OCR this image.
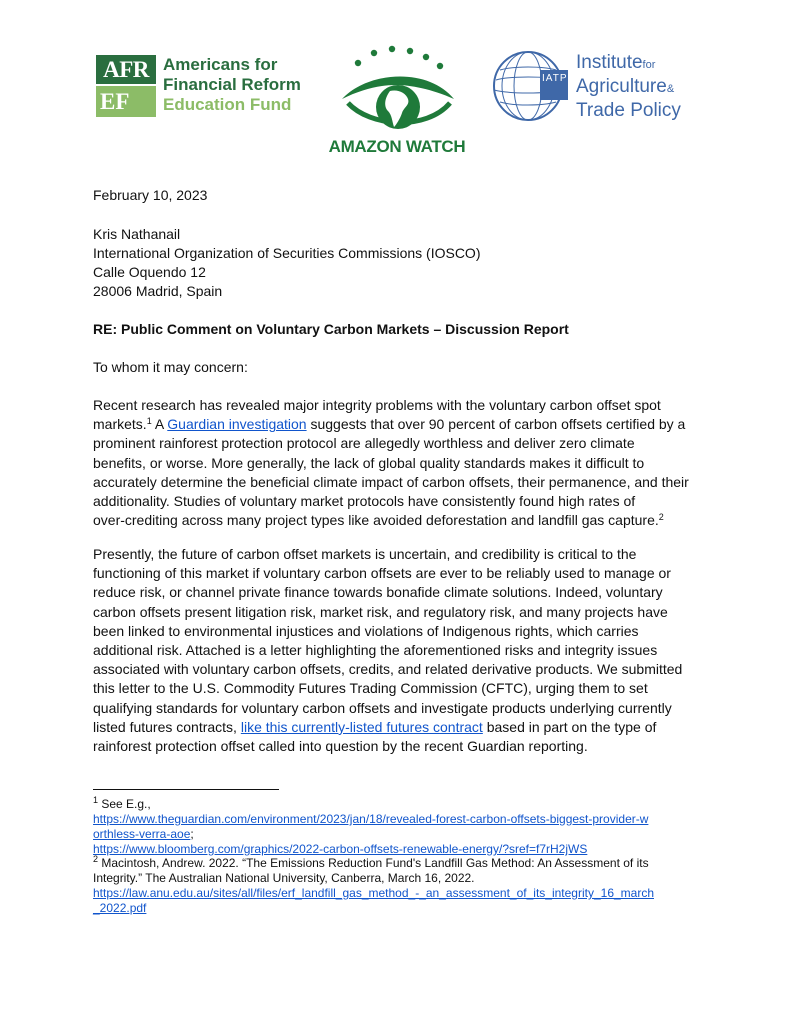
AFR
EF
Americans for
Financial Reform
Education Fund
AMAZON WATCH
IATP
Institutefor
Agriculture&
Trade Policy
February 10, 2023
Kris Nathanail
International Organization of Securities Commissions (IOSCO)
Calle Oquendo 12
28006 Madrid, Spain
RE: Public Comment on Voluntary Carbon Markets – Discussion Report
To whom it may concern:
Recent research has revealed major integrity problems with the voluntary carbon offset spot
markets.$^1$ A Guardian investigation suggests that over 90 percent of carbon offsets certified by a
prominent rainforest protection protocol are allegedly worthless and deliver zero climate
benefits, or worse. More generally, the lack of global quality standards makes it difficult to
accurately determine the beneficial climate impact of carbon offsets, their permanence, and their
additionality. Studies of voluntary market protocols have consistently found high rates of
over-crediting across many project types like avoided deforestation and landfill gas capture.$^2$
Presently, the future of carbon offset markets is uncertain, and credibility is critical to the
functioning of this market if voluntary carbon offsets are ever to be reliably used to manage or
reduce risk, or channel private finance towards bonafide climate solutions. Indeed, voluntary
carbon offsets present litigation risk, market risk, and regulatory risk, and many projects have
been linked to environmental injustices and violations of Indigenous rights, which carries
additional risk. Attached is a letter highlighting the aforementioned risks and integrity issues
associated with voluntary carbon offsets, credits, and related derivative products. We submitted
this letter to the U.S. Commodity Futures Trading Commission (CFTC), urging them to set
qualifying standards for voluntary carbon offsets and investigate products underlying currently
listed futures contracts, like this currently-listed futures contract based in part on the type of
rainforest protection offset called into question by the recent Guardian reporting.
$^1$ See E.g.,
https://www.theguardian.com/environment/2023/jan/18/revealed-forest-carbon-offsets-biggest-provider-w
orthless-verra-aoe;
https://www.bloomberg.com/graphics/2022-carbon-offsets-renewable-energy/?sref=f7rH2jWS
$^2$ Macintosh, Andrew. 2022. “The Emissions Reduction Fund's Landfill Gas Method: An Assessment of its
Integrity.” The Australian National University, Canberra, March 16, 2022.
https://law.anu.edu.au/sites/all/files/erf_landfill_gas_method_-_an_assessment_of_its_integrity_16_march
_2022.pdf
